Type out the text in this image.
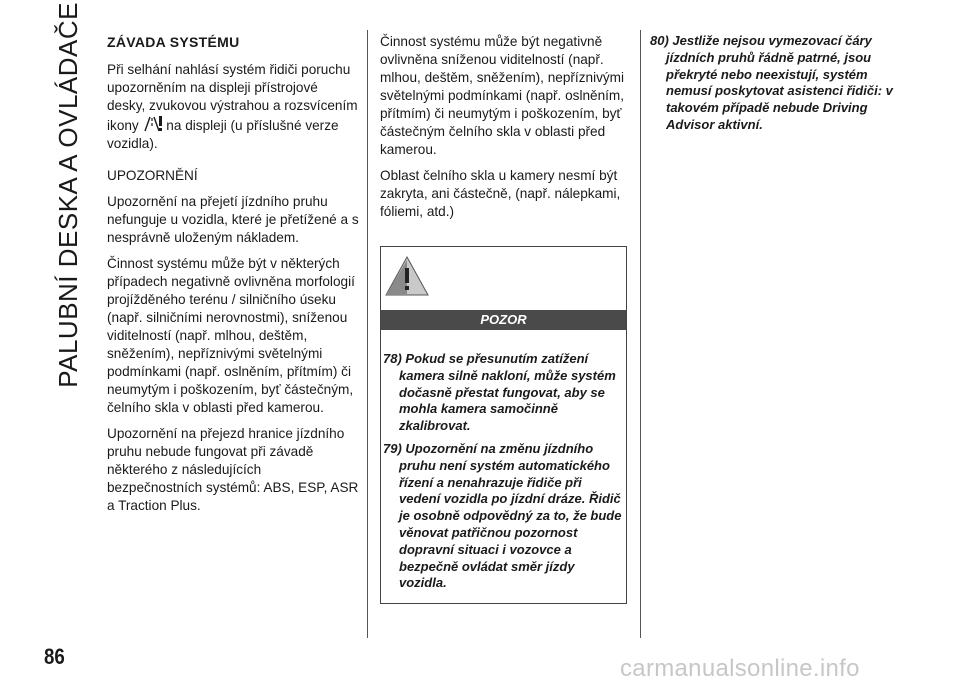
PALUBNÍ DESKA A OVLÁDAČE ZÁVADA SYSTÉMU

Při selhání nahlásí systém řidiči poruchu upozorněním na displeji přístrojové desky, zvukovou výstrahou a rozsvícením ikony na displeji (u příslušné verze vozidla).

UPOZORNĚNÍ

Upozornění na přejetí jízdního pruhu nefunguje u vozidla, které je přetížené a s nesprávně uloženým nákladem.

Činnost systému může být v některých případech negativně ovlivněna morfologií projížděného terénu / silničního úseku (např. silničními nerovnostmi), sníženou viditelností (např. mlhou, deštěm, sněžením), nepříznivými světelnými podmínkami (např. oslněním, přítmím) či neumytým i poškozením, byť částečným, čelního skla v oblasti před kamerou.

Upozornění na přejezd hranice jízdního pruhu nebude fungovat při závadě některého z následujících bezpečnostních systémů: ABS, ESP, ASR a Traction Plus.

Činnost systému může být negativně ovlivněna sníženou viditelností (např. mlhou, deštěm, sněžením), nepříznivými světelnými podmínkami (např. oslněním, přítmím) či neumytým i poškozením, byť částečným čelního skla v oblasti před kamerou.

Oblast čelního skla u kamery nesmí být zakryta, ani částečně, (např. nálepkami, fóliemi, atd.)

POZOR

78) Pokud se přesunutím zatížení kamera silně nakloní, může systém dočasně přestat fungovat, aby se mohla kamera samočinně zkalibrovat.

79) Upozornění na změnu jízdního pruhu není systém automatického řízení a nenahrazuje řidiče při vedení vozidla po jízdní dráze. Řidič je osobně odpovědný za to, že bude věnovat patřičnou pozornost dopravní situaci i vozovce a bezpečně ovládat směr jízdy vozidla.

80) Jestliže nejsou vymezovací čáry jízdních pruhů řádně patrné, jsou překryté nebo neexistují, systém nemusí poskytovat asistenci řidiči: v takovém případě nebude Driving Advisor aktivní.

86	carmanualsonline.info
